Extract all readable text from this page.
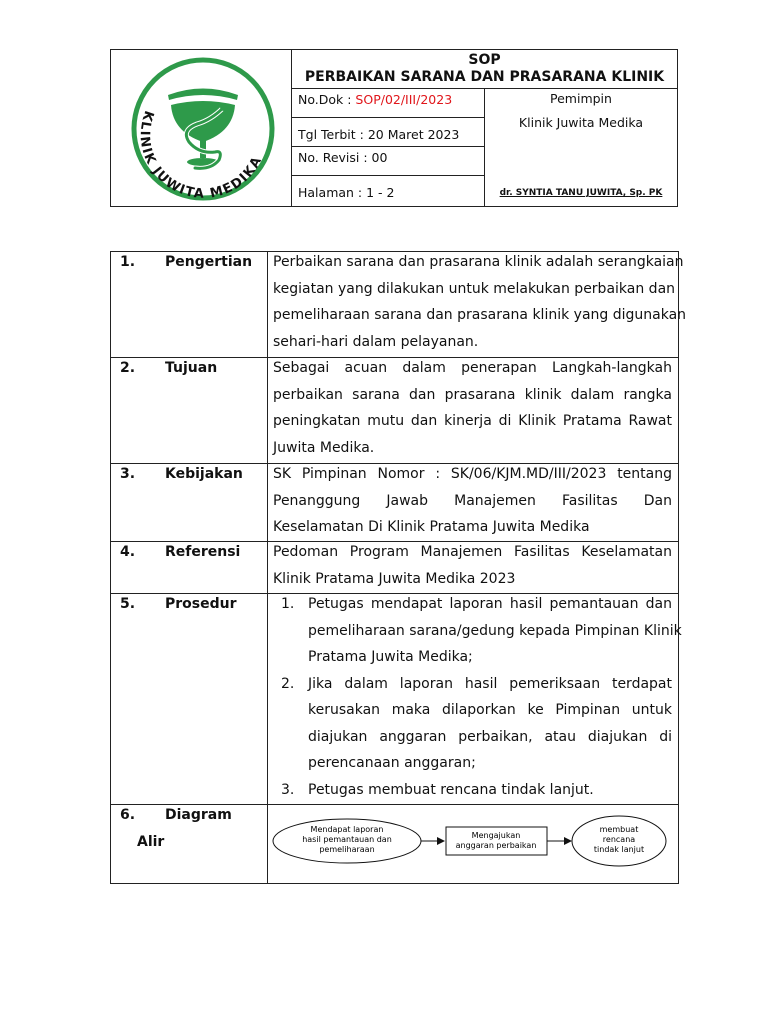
KLINIK JUWITA MEDIKA
SOP
PERBAIKAN SARANA DAN PRASARANA KLINIK
No.Dok : SOP/02/III/2023
Tgl Terbit : 20 Maret 2023
No. Revisi : 00
Halaman : 1 - 2
Pemimpin
Klinik Juwita Medika
dr. SYNTIA TANU JUWITA, Sp. PK
1. Pengertian Perbaikan sarana dan prasarana klinik adalah serangkaian
kegiatan yang dilakukan untuk melakukan perbaikan dan
pemeliharaan sarana dan prasarana klinik yang digunakan
sehari-hari dalam pelayanan.
2. Tujuan	Sebagai acuan dalam penerapan Langkah-langkah
perbaikan sarana dan prasarana klinik dalam rangka
peningkatan mutu dan kinerja di Klinik Pratama Rawat
Juwita Medika.
3. Kebijakan SK Pimpinan Nomor : SK/06/KJM.MD/III/2023 tentang
Penanggung Jawab Manajemen Fasilitas Dan
Keselamatan Di Klinik Pratama Juwita Medika
4. Referensi Pedoman Program Manajemen Fasilitas Keselamatan
Klinik Pratama Juwita Medika 2023
5. Prosedur	1. Petugas mendapat laporan hasil pemantauan dan
pemeliharaan sarana/gedung kepada Pimpinan Klinik
Pratama Juwita Medika;
2. Jika dalam laporan hasil pemeriksaan terdapat
kerusakan maka dilaporkan ke Pimpinan untuk
diajukan anggaran perbaikan, atau diajukan di
perencanaan anggaran;
3. Petugas membuat rencana tindak lanjut.
6. Diagram
Alir
Mendapat laporan
hasil pemantauan dan
pemeliharaan
Mengajukan
anggaran perbaikan
membuat
rencana
tindak lanjut
